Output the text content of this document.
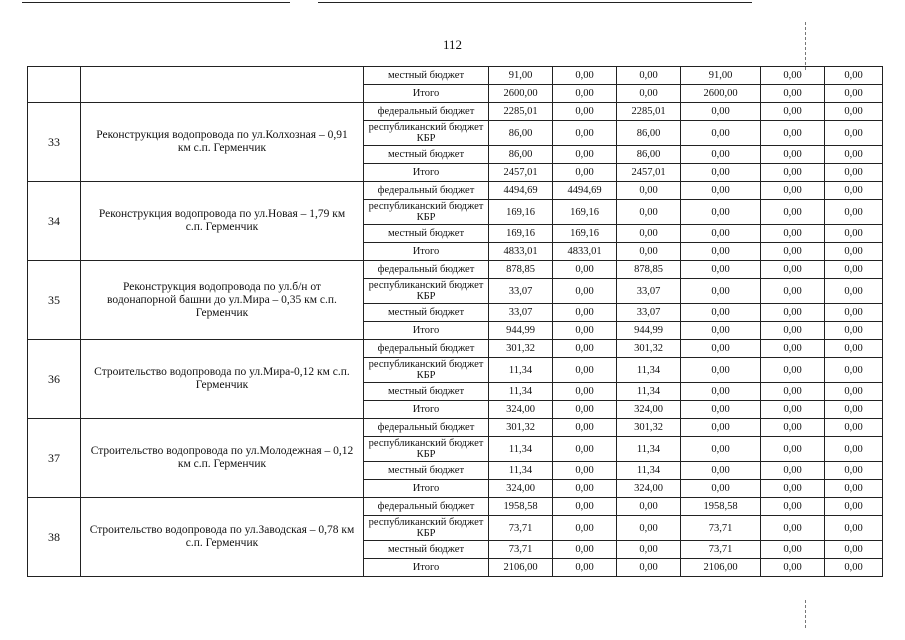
112
		местный бюджет	91,00	0,00	0,00	91,00	0,00	0,00
		Итого	2600,00	0,00	0,00	2600,00	0,00	0,00
33	Реконструкция водопровода по ул.Колхозная – 0,91 км с.п. Герменчик	федеральный бюджет	2285,01	0,00	2285,01	0,00	0,00	0,00
		республиканский бюджет КБР	86,00	0,00	86,00	0,00	0,00	0,00
		местный бюджет	86,00	0,00	86,00	0,00	0,00	0,00
		Итого	2457,01	0,00	2457,01	0,00	0,00	0,00
34	Реконструкция водопровода по ул.Новая – 1,79 км с.п. Герменчик	федеральный бюджет	4494,69	4494,69	0,00	0,00	0,00	0,00
		республиканский бюджет КБР	169,16	169,16	0,00	0,00	0,00	0,00
		местный бюджет	169,16	169,16	0,00	0,00	0,00	0,00
		Итого	4833,01	4833,01	0,00	0,00	0,00	0,00
35	Реконструкция водопровода по ул.б/н от водонапорной башни до ул.Мира – 0,35 км с.п. Герменчик	федеральный бюджет	878,85	0,00	878,85	0,00	0,00	0,00
		республиканский бюджет КБР	33,07	0,00	33,07	0,00	0,00	0,00
		местный бюджет	33,07	0,00	33,07	0,00	0,00	0,00
		Итого	944,99	0,00	944,99	0,00	0,00	0,00
36	Строительство водопровода по ул.Мира-0,12 км с.п. Герменчик	федеральный бюджет	301,32	0,00	301,32	0,00	0,00	0,00
		республиканский бюджет КБР	11,34	0,00	11,34	0,00	0,00	0,00
		местный бюджет	11,34	0,00	11,34	0,00	0,00	0,00
		Итого	324,00	0,00	324,00	0,00	0,00	0,00
37	Строительство водопровода по ул.Молодежная – 0,12 км с.п. Герменчик	федеральный бюджет	301,32	0,00	301,32	0,00	0,00	0,00
		республиканский бюджет КБР	11,34	0,00	11,34	0,00	0,00	0,00
		местный бюджет	11,34	0,00	11,34	0,00	0,00	0,00
		Итого	324,00	0,00	324,00	0,00	0,00	0,00
38	Строительство водопровода по ул.Заводская – 0,78 км с.п. Герменчик	федеральный бюджет	1958,58	0,00	0,00	1958,58	0,00	0,00
		республиканский бюджет КБР	73,71	0,00	0,00	73,71	0,00	0,00
		местный бюджет	73,71	0,00	0,00	73,71	0,00	0,00
		Итого	2106,00	0,00	0,00	2106,00	0,00	0,00
